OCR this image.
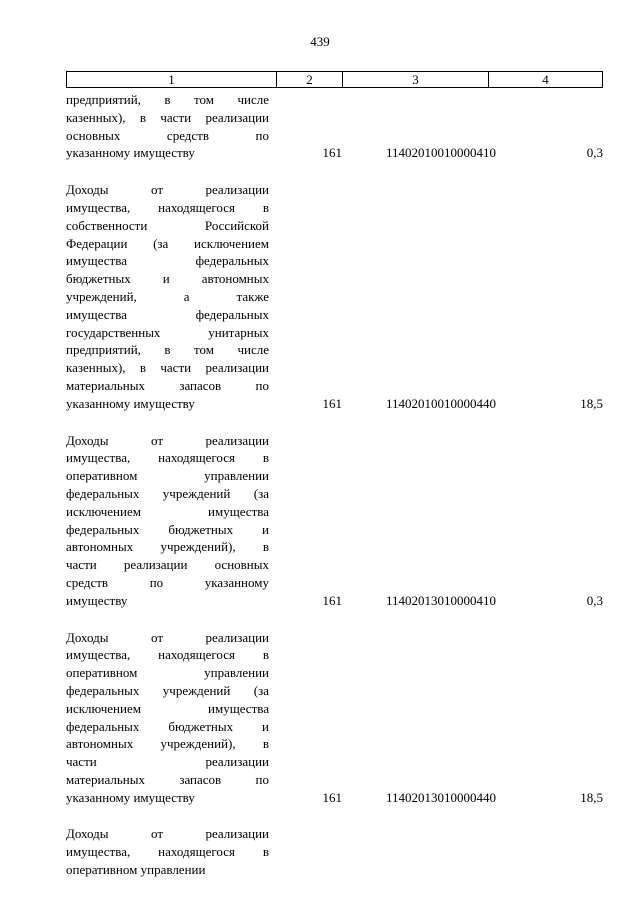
439
1	2	3	4
предприятий, в том числе
казенных), в части реализации
основных средств по
указанному имуществу	161	11402010010000410	0,3
Доходы от реализации
имущества, находящегося в
собственности Российской
Федерации (за исключением
имущества федеральных
бюджетных и автономных
учреждений, а также
имущества федеральных
государственных унитарных
предприятий, в том числе
казенных), в части реализации
материальных запасов по
указанному имуществу	161	11402010010000440	18,5
Доходы от реализации
имущества, находящегося в
оперативном управлении
федеральных учреждений (за
исключением имущества
федеральных бюджетных и
автономных учреждений), в
части реализации основных
средств по указанному
имуществу	161	11402013010000410	0,3
Доходы от реализации
имущества, находящегося в
оперативном управлении
федеральных учреждений (за
исключением имущества
федеральных бюджетных и
автономных учреждений), в
части реализации
материальных запасов по
указанному имуществу	161	11402013010000440	18,5
Доходы от реализации
имущества, находящегося в
оперативном управлении
